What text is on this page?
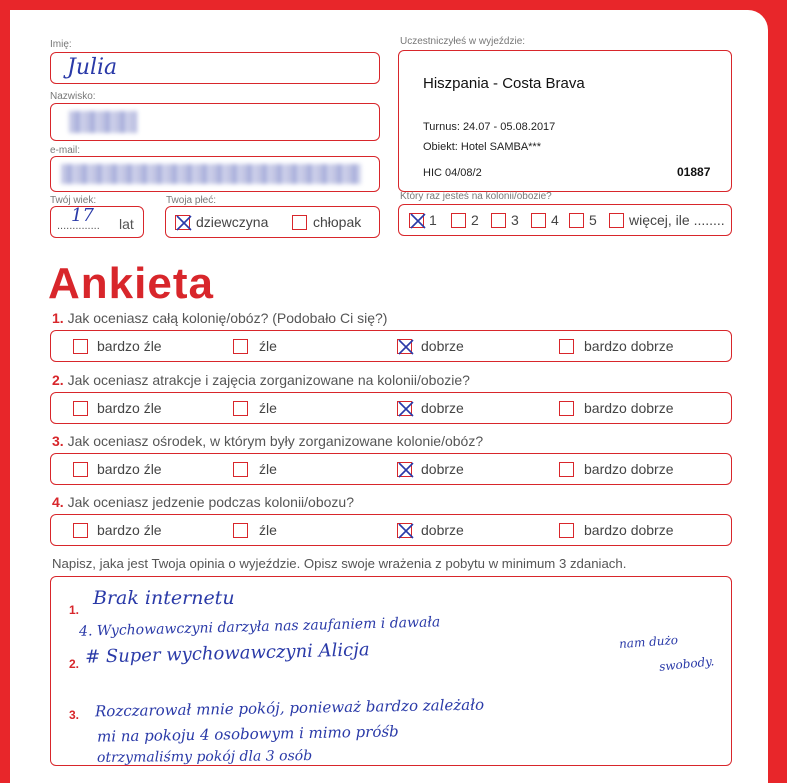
Imię:
Julia
Nazwisko:
e-mail:
Twój wiek:
17
.............. lat
Twoja płeć:
dziewczyna	chłopak
Uczestniczyłeś w wyjeździe:
Hiszpania - Costa Brava
Turnus: 24.07 - 05.08.2017
Obiekt: Hotel SAMBA***
HIC 04/08/2	01887
Który raz jesteś na kolonii/obozie?
1 2 3 4 5 więcej, ile ........
Ankieta
1. Jak oceniasz całą kolonię/obóz? (Podobało Ci się?)
bardzo źle	źle	dobrze	bardzo dobrze
2. Jak oceniasz atrakcje i zajęcia zorganizowane na kolonii/obozie?
bardzo źle	źle	dobrze	bardzo dobrze
3. Jak oceniasz ośrodek, w którym były zorganizowane kolonie/obóz?
bardzo źle	źle	dobrze	bardzo dobrze
4. Jak oceniasz jedzenie podczas kolonii/obozu?
bardzo źle	źle	dobrze	bardzo dobrze
Napisz, jaka jest Twoja opinia o wyjeździe. Opisz swoje wrażenia z pobytu w minimum 3 zdaniach.
1.
2.
3.
Brak internetu
4. Wychowawczyni darzyła nas zaufaniem i dawała
nam dużo
# Super wychowawczyni Alicja	swobody.
Rozczarował mnie pokój, ponieważ bardzo zależało
mi na pokoju 4 osobowym i mimo próśb
otrzymaliśmy pokój dla 3 osób
